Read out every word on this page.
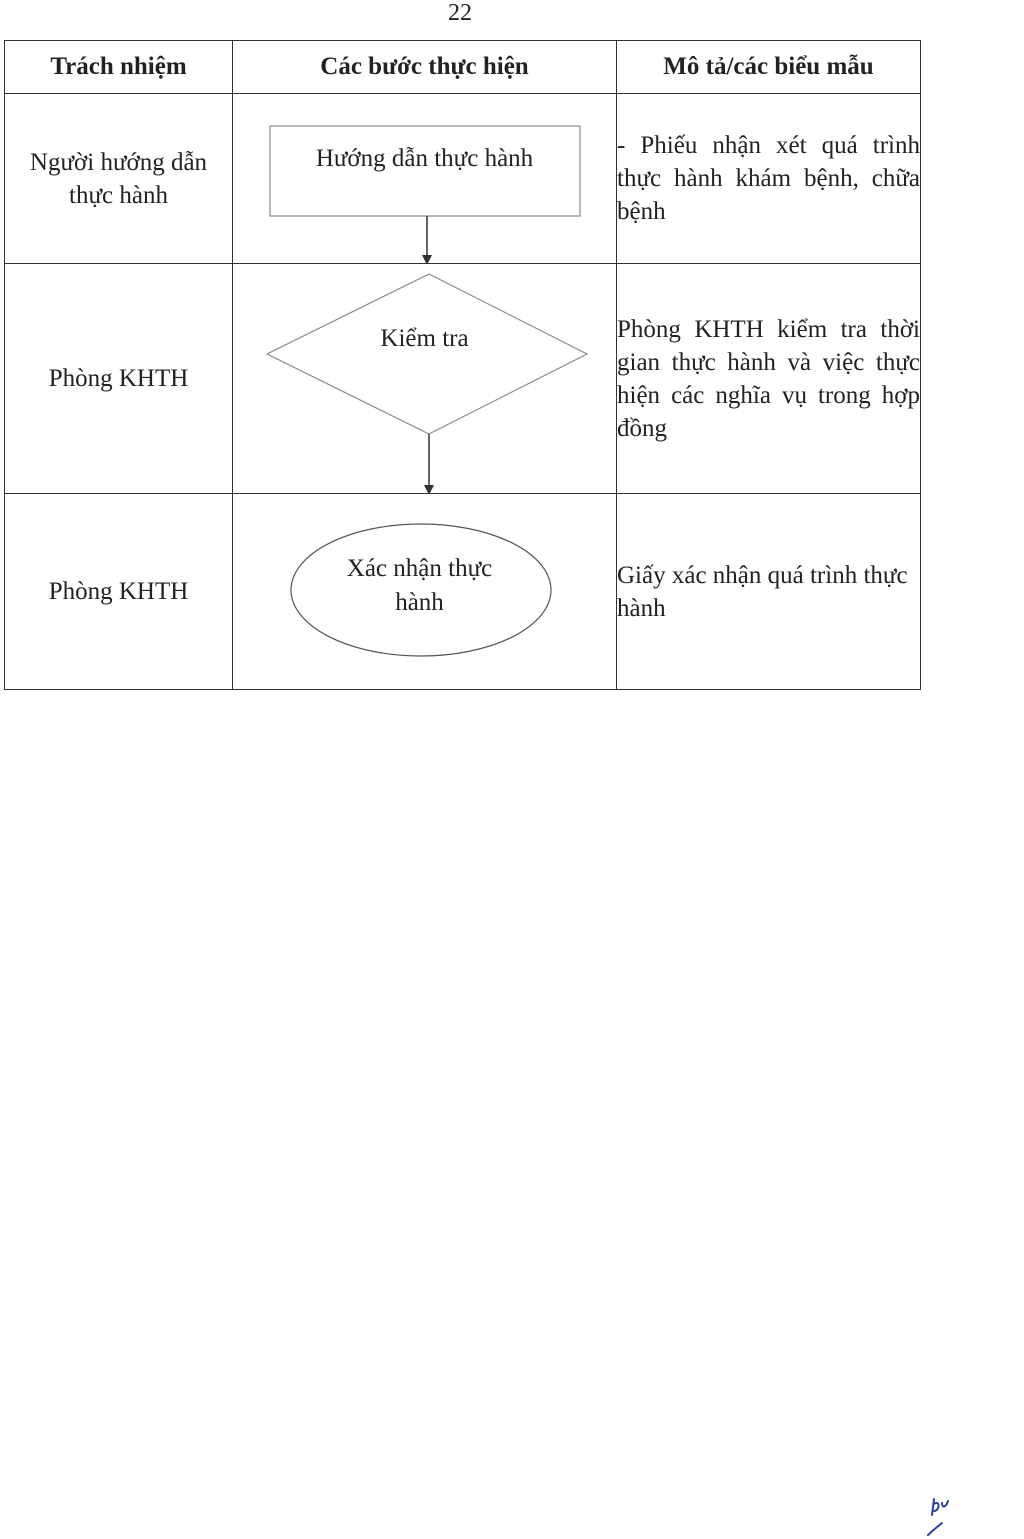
22
Trách nhiệm	Các bước thực hiện	Mô tả/các biểu mẫu
Người hướng dẫn thực hành	Hướng dẫn thực hành	- Phiếu nhận xét quá trình thực hành khám bệnh, chữa bệnh
Phòng KHTH	Kiểm tra	Phòng KHTH kiểm tra thời gian thực hành và việc thực hiện các nghĩa vụ trong hợp đồng
Phòng KHTH	Xác nhận thực hành	Giấy xác nhận quá trình thực hành
